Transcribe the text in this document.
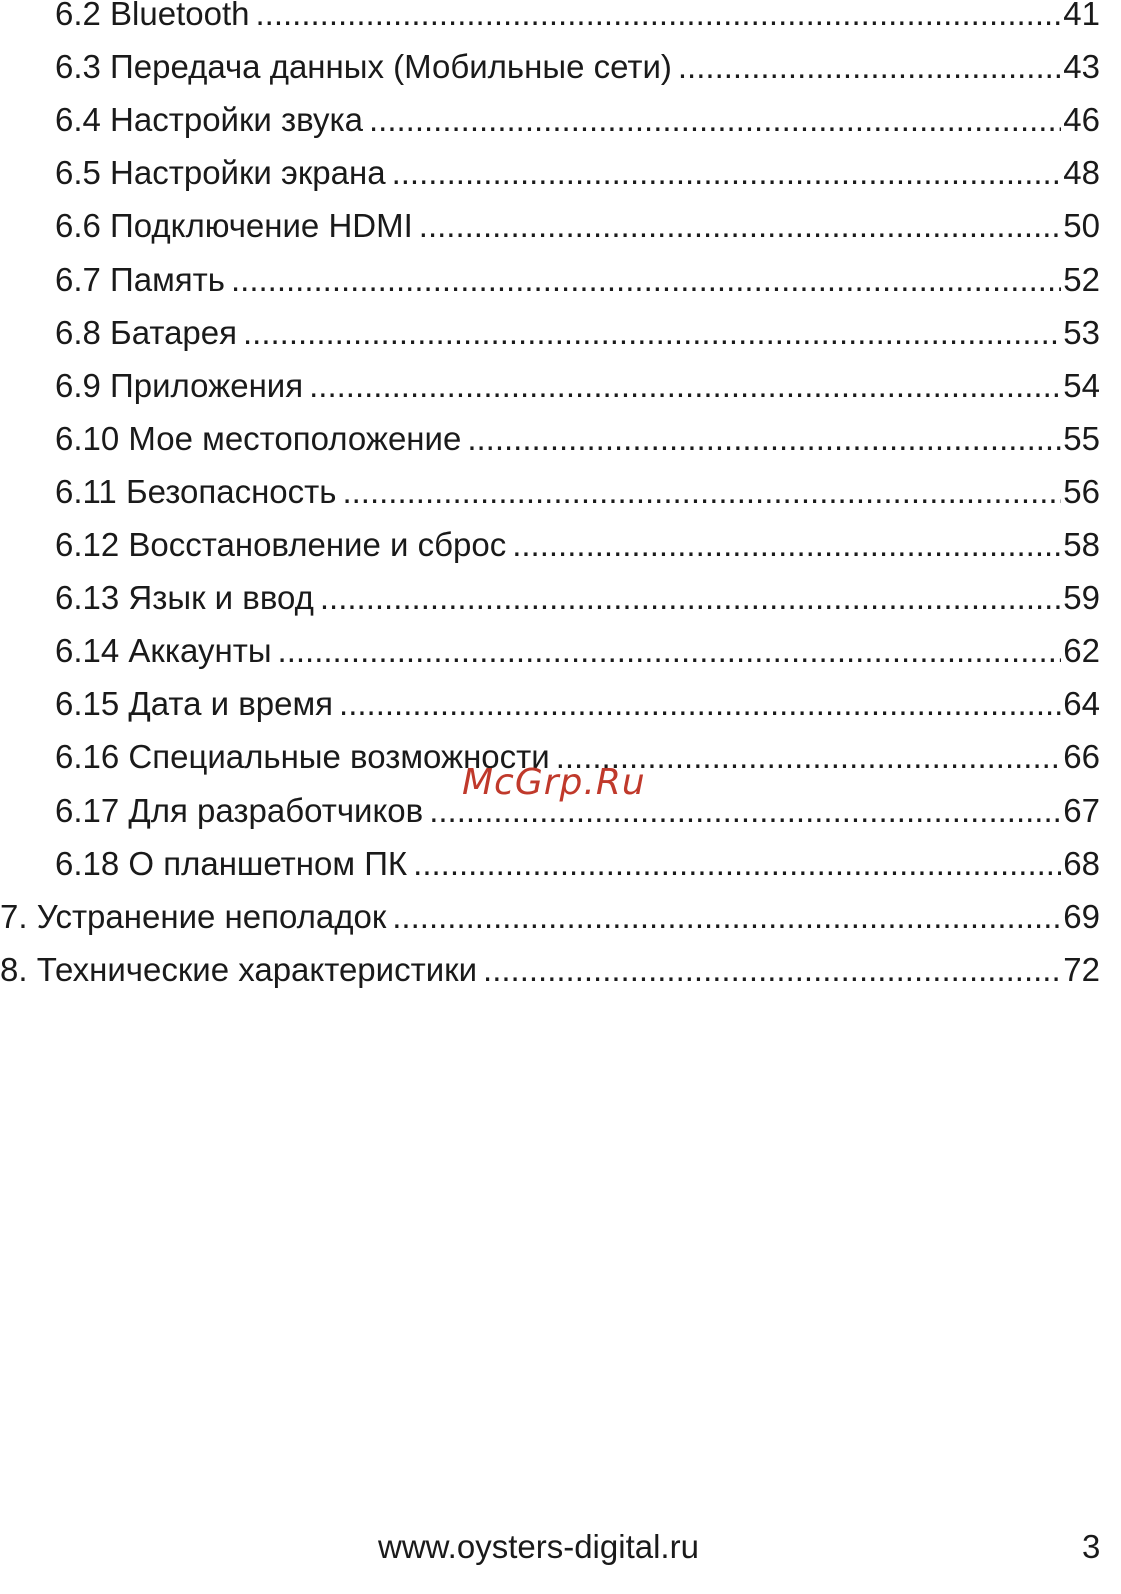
6.2 Bluetooth .....	41
6.3 Передача данных (Мобильные сети) .....	43
6.4 Настройки звука .....	46
6.5 Настройки экрана .....	48
6.6 Подключение HDMI .....	50
6.7 Память .....	52
6.8 Батарея .....	53
6.9 Приложения .....	54
6.10 Мое местоположение .....	55
6.11 Безопасность .....	56
6.12 Восстановление и сброс .....	58
6.13 Язык и ввод .....	59
6.14 Аккаунты .....	62
6.15 Дата и время .....	64
6.16 Специальные возможности .....	66
6.17 Для разработчиков .....	67
6.18 О планшетном ПК .....	68
7. Устранение неполадок .....	69
8. Технические характеристики .....	72
McGrp.Ru
www.oysters-digital.ru	3
